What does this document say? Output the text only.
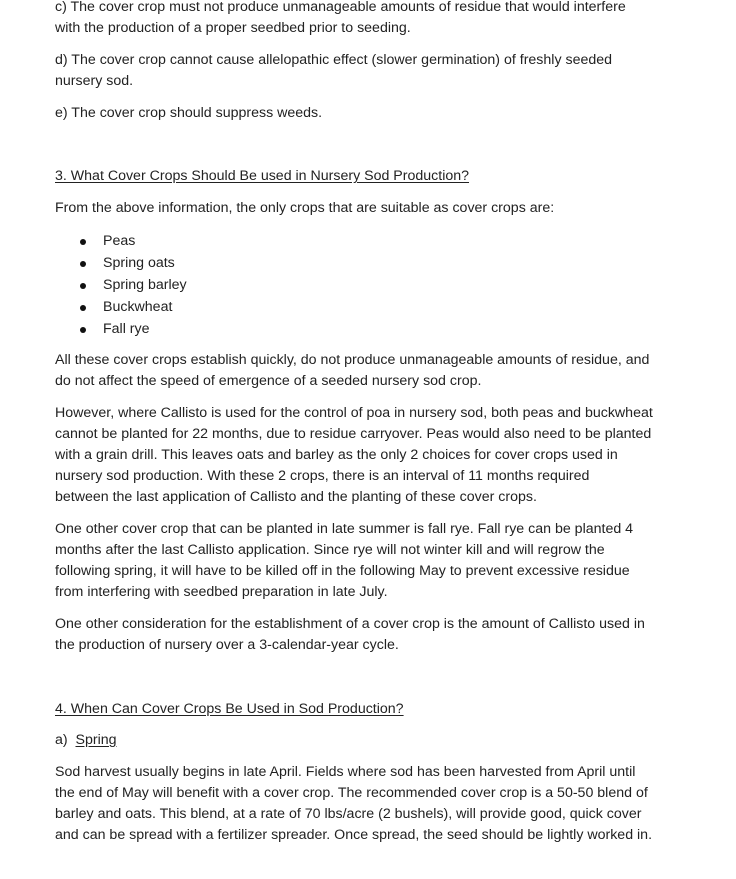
c) The cover crop must not produce unmanageable amounts of residue that would interfere
with the production of a proper seedbed prior to seeding.
d) The cover crop cannot cause allelopathic effect (slower germination) of freshly seeded
nursery sod.
e) The cover crop should suppress weeds.
3. What Cover Crops Should Be used in Nursery Sod Production?
From the above information, the only crops that are suitable as cover crops are:
Peas
Spring oats
Spring barley
Buckwheat
Fall rye
All these cover crops establish quickly, do not produce unmanageable amounts of residue, and
do not affect the speed of emergence of a seeded nursery sod crop.
However, where Callisto is used for the control of poa in nursery sod, both peas and buckwheat
cannot be planted for 22 months, due to residue carryover. Peas would also need to be planted
with a grain drill. This leaves oats and barley as the only 2 choices for cover crops used in
nursery sod production. With these 2 crops, there is an interval of 11 months required
between the last application of Callisto and the planting of these cover crops.
One other cover crop that can be planted in late summer is fall rye. Fall rye can be planted 4
months after the last Callisto application. Since rye will not winter kill and will regrow the
following spring, it will have to be killed off in the following May to prevent excessive residue
from interfering with seedbed preparation in late July.
One other consideration for the establishment of a cover crop is the amount of Callisto used in
the production of nursery over a 3-calendar-year cycle.
4. When Can Cover Crops Be Used in Sod Production?
a)  Spring
Sod harvest usually begins in late April. Fields where sod has been harvested from April until
the end of May will benefit with a cover crop. The recommended cover crop is a 50-50 blend of
barley and oats. This blend, at a rate of 70 lbs/acre (2 bushels), will provide good, quick cover
and can be spread with a fertilizer spreader. Once spread, the seed should be lightly worked in.
